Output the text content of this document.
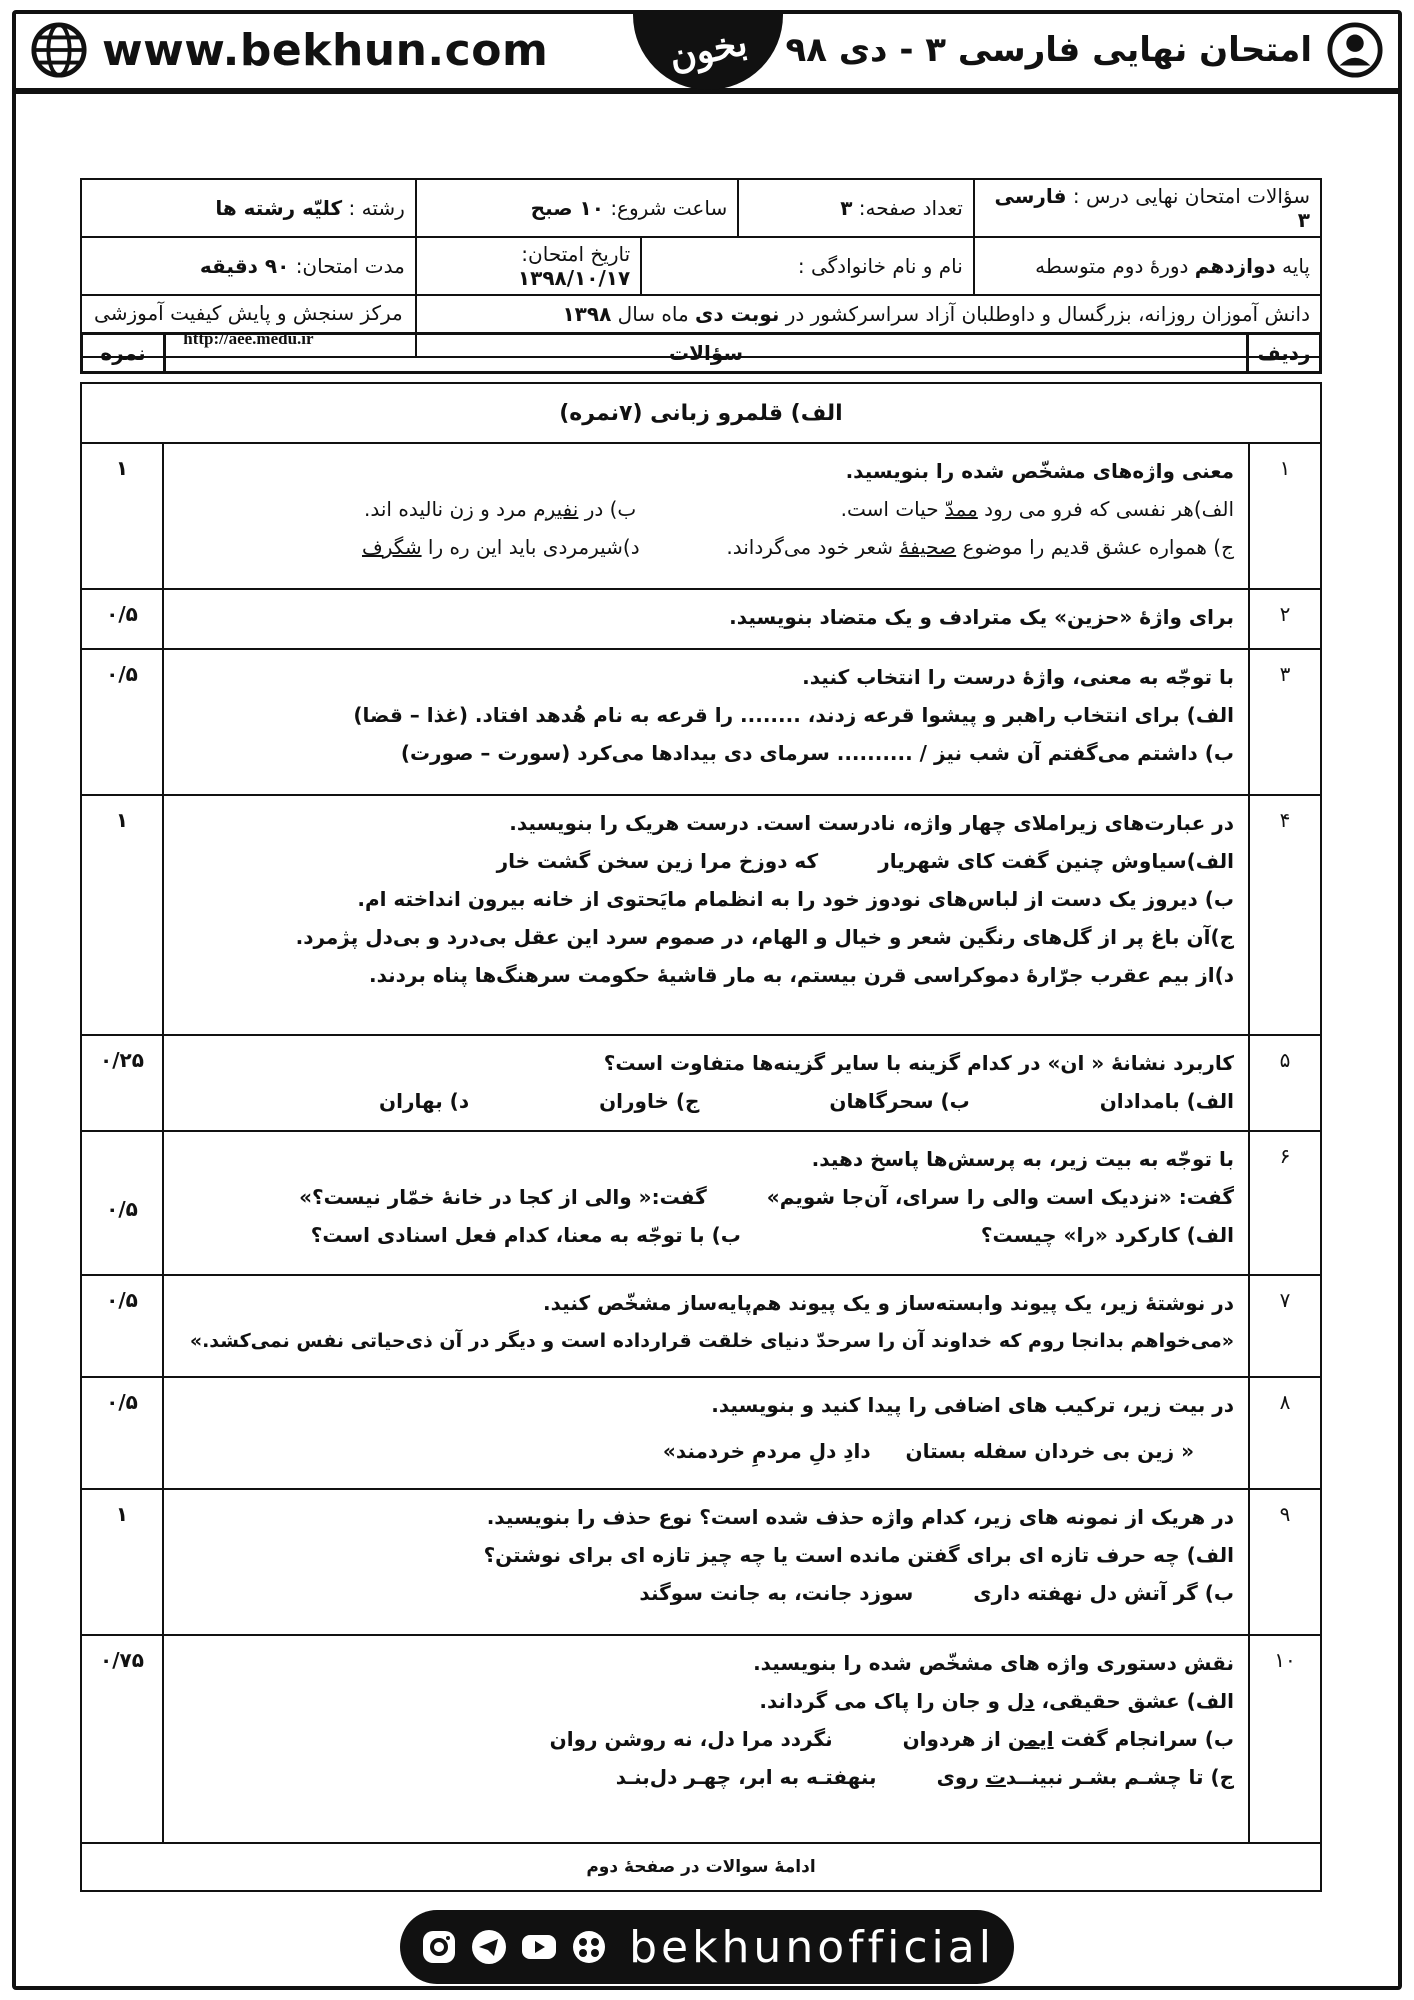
www.bekhun.com	بخون امتحان نهایی فارسی ۳ - دی ۹۸
سؤالات امتحان نهایی درس : فارسی ۳	تعداد صفحه: ۳	ساعت شروع: ۱۰ صبح		رشته : کلیّه رشته ها
پایه دوازدهم دورهٔ دوم متوسطه	نام و نام خانوادگی :		تاریخ امتحان: ۱۳۹۸/۱۰/۱۷	مدت امتحان: ۹۰ دقیقه
دانش آموزان روزانه، بزرگسال و داوطلبان آزاد سراسرکشور در نوبت دی ماه سال ۱۳۹۸				مرکز سنجش و پایش کیفیت آموزشی
http://aee.medu.ir
ردیف	سؤالات	نمره
الف) قلمرو زبانی (۷نمره)		
۱	معنی واژه‌های مشخّص شده را بنویسید.
الف)هر نفسی که فرو می رود ممدّ حیات است.
ب) در نفیرم مرد و زن نالیده اند.
ج) همواره عشق قدیم را موضوع صحیفهٔ شعر خود می‌گرداند.
د)شیرمردی باید این ره را شگرف	۱
۲	برای واژهٔ «حزین» یک مترادف و یک متضاد بنویسید.	۰/۵
۳	با توجّه به معنی، واژهٔ درست را انتخاب کنید.
الف) برای انتخاب راهبر و پیشوا قرعه زدند، ........ را قرعه به نام هُدهد افتاد. (غذا – قضا)
ب) داشتم می‌گفتم آن شب نیز / .......... سرمای دی بیدادها می‌کرد (سورت – صورت)	۰/۵
۴	در عبارت‌های زیراملای چهار واژه، نادرست است. درست هریک را بنویسید.
الف)سیاوش چنین گفت کای شهریارکه دوزخ مرا زین سخن گشت خار
ب) دیروز یک دست از لباس‌های نودوز خود را به انظمام مایَحتوی از خانه بیرون انداخته ام.
ج)آن باغ پر از گل‌های رنگین شعر و خیال و الهام، در صموم سرد این عقل بی‌درد و بی‌دل پژمرد.
د)از بیم عقرب جرّارهٔ دموکراسی قرن بیستم، به مار قاشیهٔ حکومت سرهنگ‌ها پناه بردند.	۱
۵	کاربرد نشانهٔ « ان» در کدام گزینه با سایر گزینه‌ها متفاوت است؟
الف) بامدادان
ب) سحرگاهان
ج) خاوران
د) بهاران	۰/۲۵
۶	با توجّه به بیت زیر، به پرسش‌ها پاسخ دهید.
گفت: «نزدیک است والی را سرای، آن‌جا شویم»گفت:« والی از کجا در خانهٔ خمّار نیست؟»
الف) کارکرد «را» چیست؟ب) با توجّه به معنا، کدام فعل اسنادی است؟	۰/۵
۷	در نوشتهٔ زیر، یک پیوند وابسته‌ساز و یک پیوند هم‌پایه‌ساز مشخّص کنید.
«می‌خواهم بدانجا روم که خداوند آن را سرحدّ دنیای خلقت قرارداده است و دیگر در آن ذی‌حیاتی نفس نمی‌کشد.»	۰/۵
۸	در بیت زیر، ترکیب های اضافی را پیدا کنید و بنویسید.
« زین بی خردان سفله بستان     دادِ دلِ مردمِ خردمند»	۰/۵
۹	در هریک از نمونه های زیر، کدام واژه حذف شده است؟ نوع حذف را بنویسید.
الف) چه حرف تازه ای برای گفتن مانده است یا چه چیز تازه ای برای نوشتن؟
ب) گر آتش دل نهفته داریسوزد جانت، به جانت سوگند	۱
۱۰	نقش دستوری واژه های مشخّص شده را بنویسید.
الف) عشق حقیقی، دل و جان را پاک می گرداند.
ب) سرانجام گفت ایمن از هردواننگردد مرا دل، نه روشن روان
ج) تا چشـم بشـر نبینــدت رویبنهفتـه به ابر، چهـر دل‌بنـد	۰/۷۵
ادامهٔ سوالات در صفحهٔ دوم		
bekhunofficial
